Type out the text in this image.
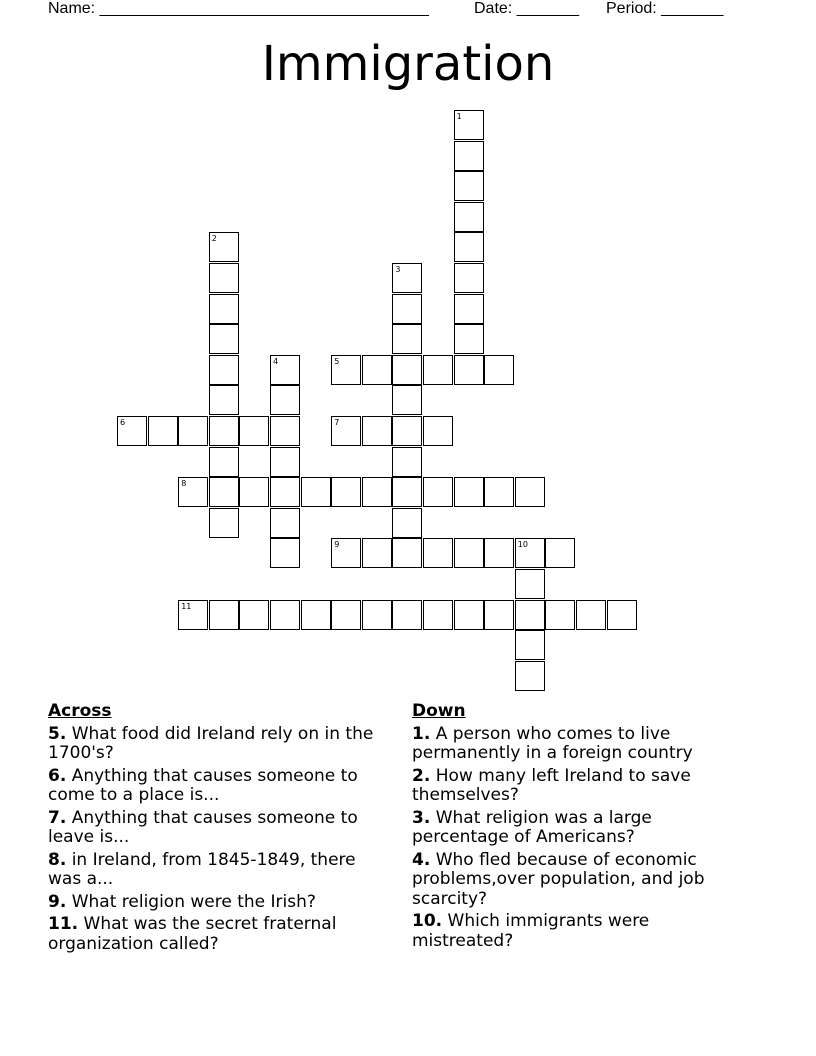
Name: _____________________________________	Date: _______ Period: _______
Immigration
1
2
3
4	5
6	7
8
9	10
11
Across
5. What food did Ireland rely on in the 1700's?
6. Anything that causes someone to come to a place is...
7. Anything that causes someone to leave is...
8. in Ireland, from 1845-1849, there was a...
9. What religion were the Irish?
11. What was the secret fraternal organization called?
Down
1. A person who comes to live permanently in a foreign country
2. How many left Ireland to save themselves?
3. What religion was a large percentage of Americans?
4. Who fled because of economic problems,over population, and job scarcity?
10. Which immigrants were mistreated?
